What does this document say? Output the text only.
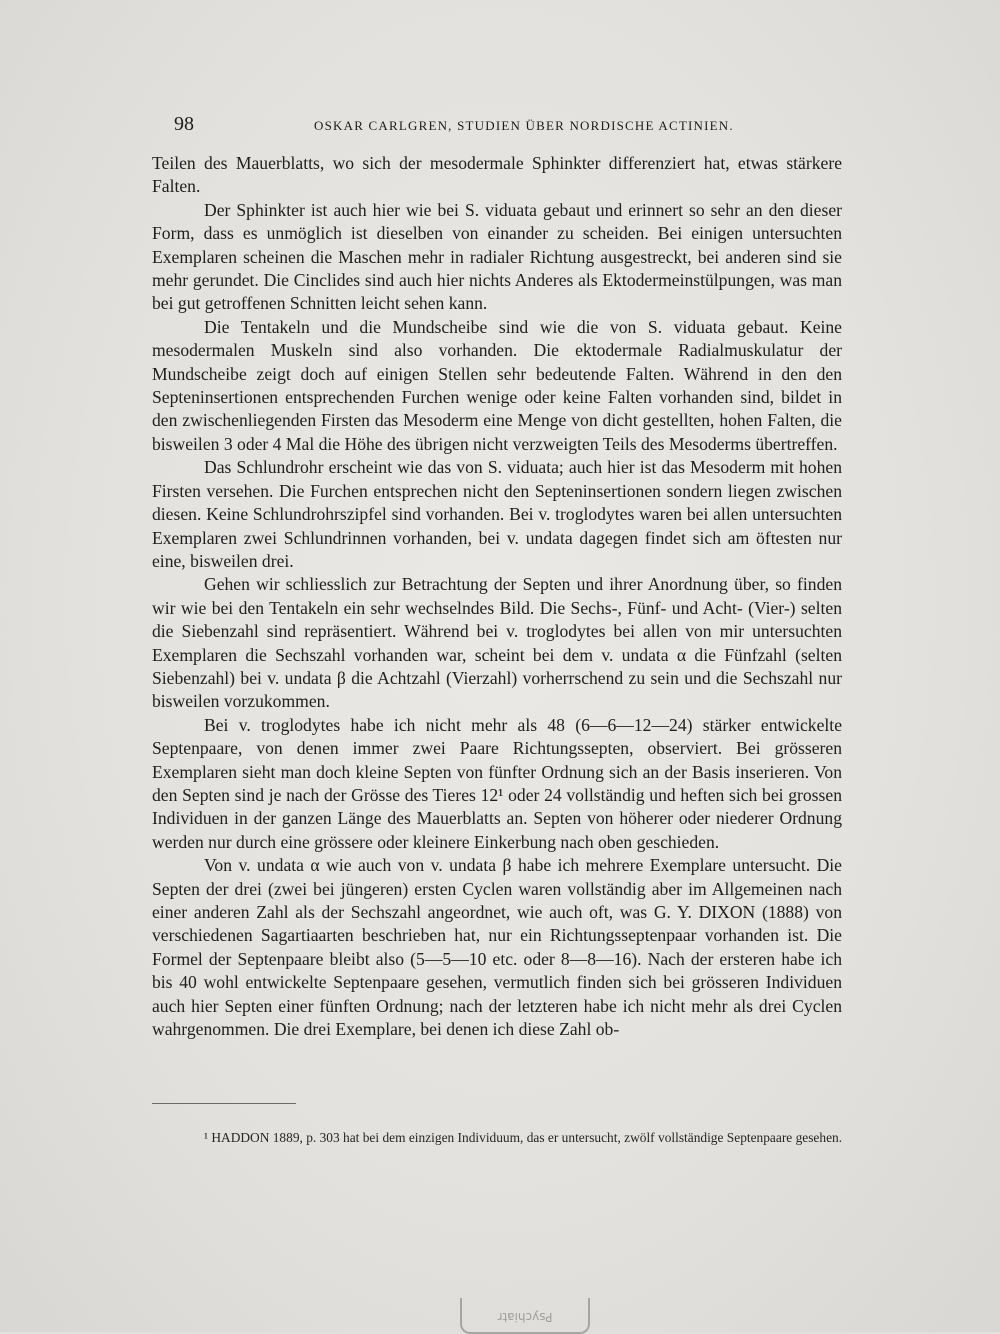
98	OSKAR CARLGREN, STUDIEN ÜBER NORDISCHE ACTINIEN.

Teilen des Mauerblatts, wo sich der mesodermale Sphinkter differenziert hat, etwas stärkere Falten.

Der Sphinkter ist auch hier wie bei S. viduata gebaut und erinnert so sehr an den dieser Form, dass es unmöglich ist dieselben von einander zu scheiden. Bei einigen untersuchten Exemplaren scheinen die Maschen mehr in radialer Richtung ausgestreckt, bei anderen sind sie mehr gerundet. Die Cinclides sind auch hier nichts Anderes als Ektodermeinstülpungen, was man bei gut getroffenen Schnitten leicht sehen kann.

Die Tentakeln und die Mundscheibe sind wie die von S. viduata gebaut. Keine mesodermalen Muskeln sind also vorhanden. Die ektodermale Radialmuskulatur der Mundscheibe zeigt doch auf einigen Stellen sehr bedeutende Falten. Während in den den Septeninsertionen entsprechenden Furchen wenige oder keine Falten vorhanden sind, bildet in den zwischenliegenden Firsten das Mesoderm eine Menge von dicht gestellten, hohen Falten, die bisweilen 3 oder 4 Mal die Höhe des übrigen nicht verzweigten Teils des Mesoderms übertreffen.

Das Schlundrohr erscheint wie das von S. viduata; auch hier ist das Mesoderm mit hohen Firsten versehen. Die Furchen entsprechen nicht den Septeninsertionen sondern liegen zwischen diesen. Keine Schlundrohrszipfel sind vorhanden. Bei v. troglodytes waren bei allen untersuchten Exemplaren zwei Schlundrinnen vorhanden, bei v. undata dagegen findet sich am öftesten nur eine, bisweilen drei.

Gehen wir schliesslich zur Betrachtung der Septen und ihrer Anordnung über, so finden wir wie bei den Tentakeln ein sehr wechselndes Bild. Die Sechs-, Fünf- und Acht- (Vier-) selten die Siebenzahl sind repräsentiert. Während bei v. troglodytes bei allen von mir untersuchten Exemplaren die Sechszahl vorhanden war, scheint bei dem v. undata α die Fünfzahl (selten Siebenzahl) bei v. undata β die Achtzahl (Vierzahl) vorherrschend zu sein und die Sechszahl nur bisweilen vorzukommen.

Bei v. troglodytes habe ich nicht mehr als 48 (6—6—12—24) stärker entwickelte Septenpaare, von denen immer zwei Paare Richtungssepten, observiert. Bei grösseren Exemplaren sieht man doch kleine Septen von fünfter Ordnung sich an der Basis inserieren. Von den Septen sind je nach der Grösse des Tieres 12¹ oder 24 vollständig und heften sich bei grossen Individuen in der ganzen Länge des Mauerblatts an. Septen von höherer oder niederer Ordnung werden nur durch eine grössere oder kleinere Einkerbung nach oben geschieden.

Von v. undata α wie auch von v. undata β habe ich mehrere Exemplare untersucht. Die Septen der drei (zwei bei jüngeren) ersten Cyclen waren vollständig aber im Allgemeinen nach einer anderen Zahl als der Sechszahl angeordnet, wie auch oft, was G. Y. DIXON (1888) von verschiedenen Sagartiaarten beschrieben hat, nur ein Richtungsseptenpaar vorhanden ist. Die Formel der Septenpaare bleibt also (5—5—10 etc. oder 8—8—16). Nach der ersteren habe ich bis 40 wohl entwickelte Septenpaare gesehen, vermutlich finden sich bei grösseren Individuen auch hier Septen einer fünften Ordnung; nach der letzteren habe ich nicht mehr als drei Cyclen wahrgenommen. Die drei Exemplare, bei denen ich diese Zahl ob-

¹ HADDON 1889, p. 303 hat bei dem einzigen Individuum, das er untersucht, zwölf vollständige Septenpaare gesehen.

Psychiatr
